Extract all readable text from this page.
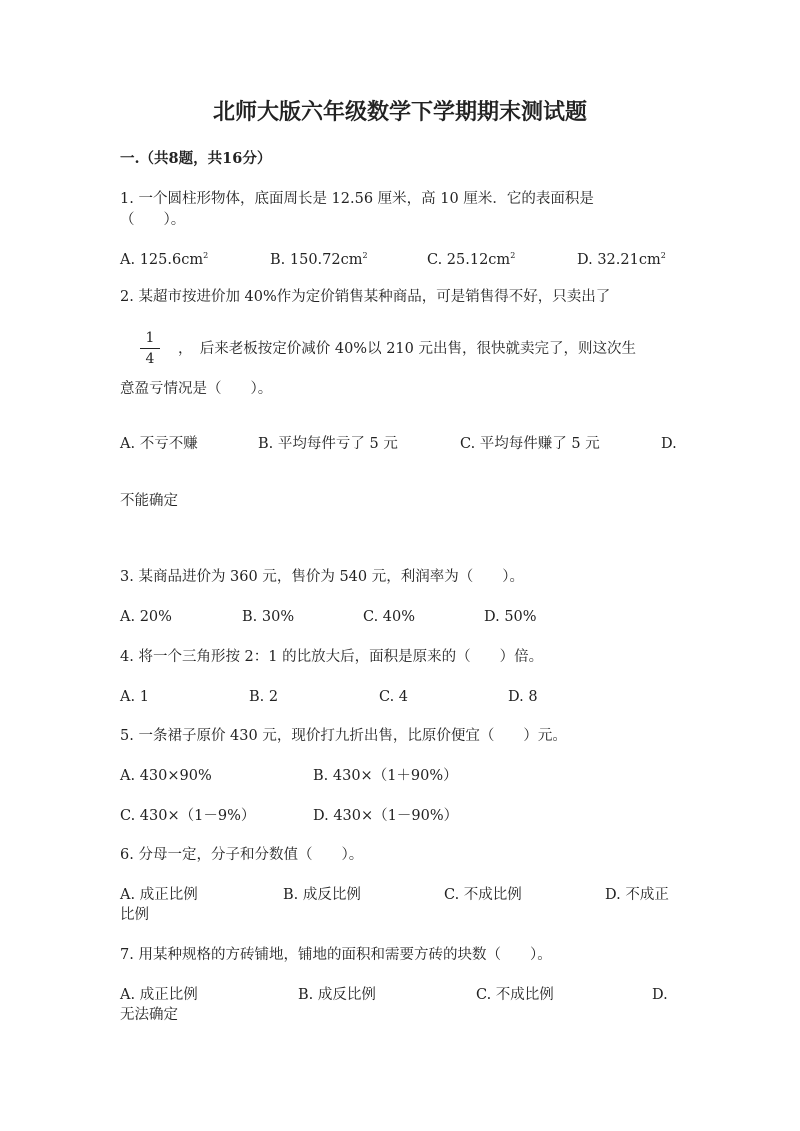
北师大版六年级数学下学期期末测试题
一.（共8题，共16分）
1. 一个圆柱形物体，底面周长是 12.56 厘米，高 10 厘米．它的表面积是
（　　）。
A. $125.6cm^2$	B. $150.72cm^2$	C. $25.12cm^2$	D. $32.21cm^2$
2. 某超市按进价加 40%作为定价销售某种商品，可是销售得不好，只卖出了
1
4
，　后来老板按定价减价 40%以 210 元出售，很快就卖完了，则这次生
意盈亏情况是（　　）。
A. 不亏不赚	B. 平均每件亏了 5 元	C. 平均每件赚了 5 元	D.
不能确定
3. 某商品进价为 360 元，售价为 540 元，利润率为（　　）。
A. 20%	B. 30%	C. 40%	D. 50%
4. 将一个三角形按 2：1 的比放大后，面积是原来的（　　）倍。
A. 1	B. 2	C. 4	D. 8
5. 一条裙子原价 430 元，现价打九折出售，比原价便宜（　　）元。
A. 430×90%	B. 430×（1＋90%）
C. 430×（1－9%）	D. 430×（1－90%）
6. 分母一定，分子和分数值（　　）。
A. 成正比例	B. 成反比例	C. 不成比例	D. 不成正
比例
7. 用某种规格的方砖铺地，铺地的面积和需要方砖的块数（　　）。
A. 成正比例	B. 成反比例	C. 不成比例	D.
无法确定
